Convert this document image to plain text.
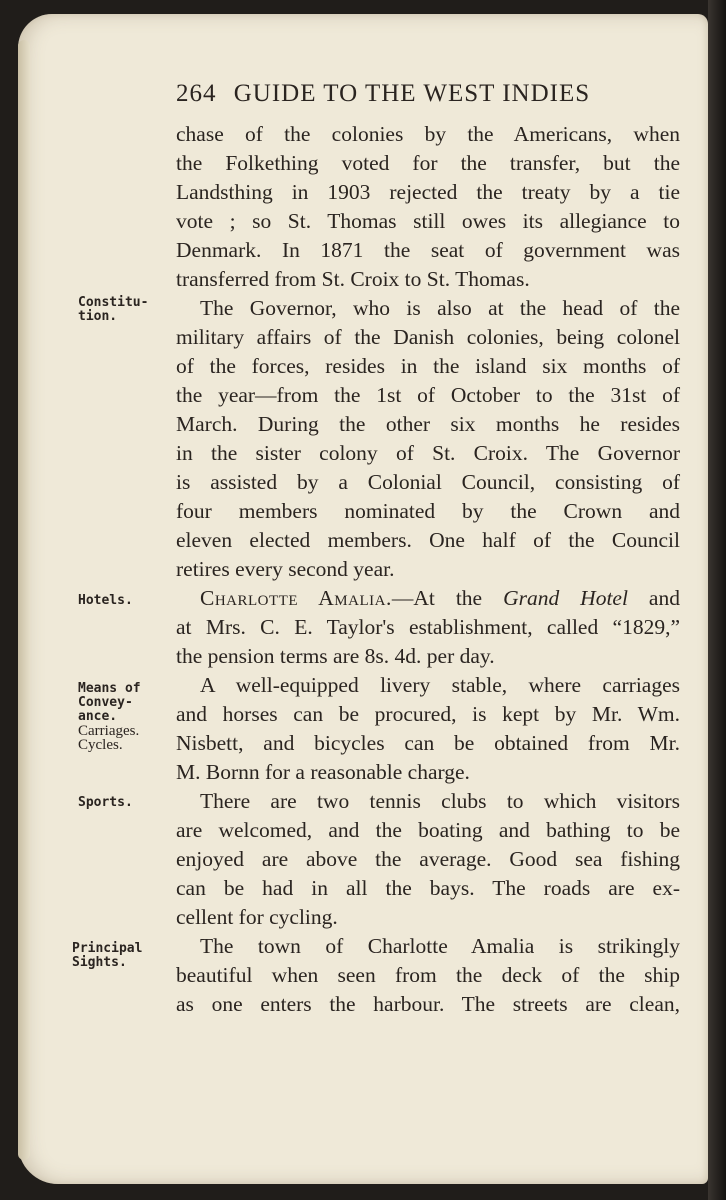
264 GUIDE TO THE WEST INDIES
Constitu-
tion.
Hotels.
Means of
Convey-
ance.
Carriages.
Cycles.
Sports.
Principal
Sights.
chase of the colonies by the Americans, when
the Folkething voted for the transfer, but the
Landsthing in 1903 rejected the treaty by a tie
vote ; so St. Thomas still owes its allegiance to
Denmark. In 1871 the seat of government was
transferred from St. Croix to St. Thomas.
The Governor, who is also at the head of the
military affairs of the Danish colonies, being colonel
of the forces, resides in the island six months of
the year—from the 1st of October to the 31st of
March. During the other six months he resides
in the sister colony of St. Croix. The Governor
is assisted by a Colonial Council, consisting of
four members nominated by the Crown and
eleven elected members. One half of the Council
retires every second year.
Charlotte Amalia.—At the Grand Hotel and
at Mrs. C. E. Taylor's establishment, called “1829,”
the pension terms are 8s. 4d. per day.
A well-equipped livery stable, where carriages
and horses can be procured, is kept by Mr. Wm.
Nisbett, and bicycles can be obtained from Mr.
M. Bornn for a reasonable charge.
There are two tennis clubs to which visitors
are welcomed, and the boating and bathing to be
enjoyed are above the average. Good sea fishing
can be had in all the bays. The roads are ex-
cellent for cycling.
The town of Charlotte Amalia is strikingly
beautiful when seen from the deck of the ship
as one enters the harbour. The streets are clean,
